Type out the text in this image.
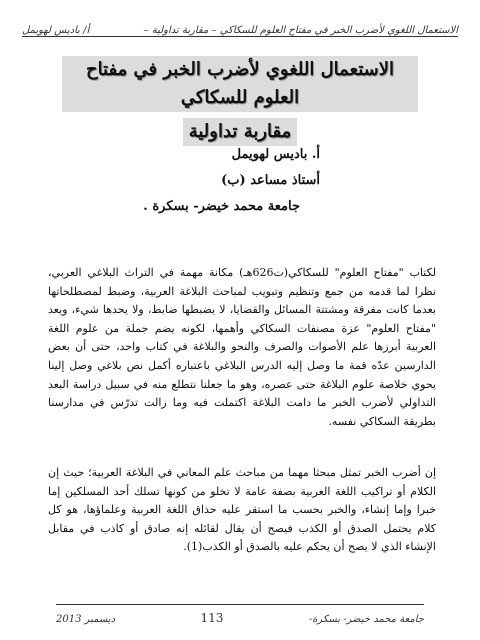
أ/ باديس لهويمل	الاستعمال اللغوي لأضرب الخبر في مفتاح العلوم للسكاكي – مقاربة تداولية –
الاستعمال اللغوي لأضرب الخبر في مفتاح العلوم للسكاكي
مقاربة تداولية
أ. باديس لهويمل
أستاذ مساعد (ب)
جامعة محمد خيضر- بسكرة .

لكتاب "مفتاح العلوم" للسكاكي(ت626هـ) مكانة مهمة في التراث البلاغي العربي، نظرا لما قدمه من جمع وتنظيم وتبويب لمباحث البلاغة العربية، وضبط لمصطلحاتها بعدما كانت مفرقة ومشتتة المسائل والقضايا، لا يضبطها ضابط، ولا يحدها شيء، ويعد "مفتاح العلوم" عزة مصنفات السكاكي وأهمها، لكونه يضم جملة من علوم اللغة العربية أبرزها علم الأصوات والصرف والنحو والبلاغة في كتاب واحد، حتى أن بعض الدارسين عدّه قمة ما وصل إليه الدرس البلاغي باعتباره أكمل نص بلاغي وصل إلينا يحوي خلاصة علوم البلاغة حتى عصره، وهو ما جعلنا نتطلع منه في سبيل دراسة البعد التداولي لأضرب الخبر ما دامت البلاغة اكتملت فيه وما زالت تدرّس في مدارسنا بطريقة السكاكي نفسه.

إن أضرب الخبر تمثل مبحثا مهما من مباحث علم المعاني في البلاغة العربية؛ حيث إن الكلام أو تراكيب اللغة العربية بصفة عامة لا تخلو من كونها تسلك أحد المسلكين إما خبرا وإما إنشاء، والخبر بحسب ما استقر عليه حذاق اللغة العربية وعلماؤها، هو كل كلام يحتمل الصدق أو الكذب فيصح أن يقال لقائله إنه صادق أو كاذب في مقابل الإنشاء الذي لا يصح أن يحكم عليه بالصدق أو الكذب(1).

ديسمبر 2013	113	جامعة محمد خيضر- بسكرة-
